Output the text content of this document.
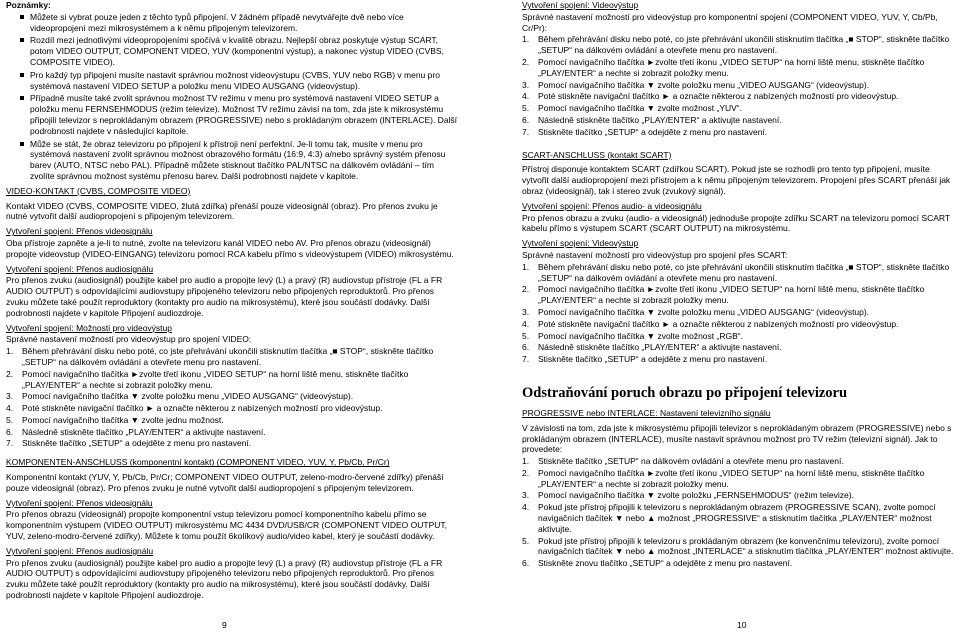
Poznámky:

Můžete si vybrat pouze jeden z těchto typů připojení. V žádném případě nevytvářejte dvě nebo více videopropojení mezi mikrosystémem a k němu připojeným televizorem.
Rozdíl mezi jednotlivými videopropojeními spočívá v kvalitě obrazu. Nejlepší obraz poskytuje výstup SCART, potom VIDEO OUTPUT, COMPONENT VIDEO, YUV (komponentní výstup), a nakonec výstup VIDEO (CVBS, COMPOSITE VIDEO).
Pro každý typ připojení musíte nastavit správnou možnost videovýstupu (CVBS, YUV nebo RGB) v menu pro systémová nastavení VIDEO SETUP a položku menu VIDEO AUSGANG (videovýstup).
Případně musíte také zvolit správnou možnost TV režimu v menu pro systémová nastavení VIDEO SETUP a položku menu FERNSEHMODUS (režim televize). Možnost TV režimu závisí na tom, zda jste k mikrosystému připojili televizor s neprokládaným obrazem (PROGRESSIVE) nebo s prokládaným obrazem (INTERLACE). Další podrobnosti najdete v následující kapitole.
Může se stát, že obraz televizoru po připojení k přístroji není perfektní. Je-li tomu tak, musíte v menu pro systémová nastavení zvolit správnou možnost obrazového formátu (16:9, 4:3) a/nebo správný systém přenosu barev (AUTO, NTSC nebo PAL). Případně můžete stisknout tlačítko PAL/NTSC na dálkovém ovládání – tím zvolíte správnou možnost systému přenosu barev. Další podrobnosti najdete v kapitole.

VIDEO-KONTAKT (CVBS, COMPOSITE VIDEO)

Kontakt VIDEO (CVBS, COMPOSITE VIDEO, žlutá zdířka) přenáší pouze videosignál (obraz). Pro přenos zvuku je nutné vytvořit další audiopropojení s připojeným televizorem.

Vytvoření spojení: Přenos videosignálu

Oba přístroje zapněte a je-li to nutné, zvolte na televizoru kanál VIDEO nebo AV. Pro přenos obrazu (videosignál) propojte videovstup (VIDEO-EINGANG) televizoru pomocí RCA kabelu přímo s videovýstupem (VIDEO) mikrosystému.

Vytvoření spojení: Přenos audiosignálu

Pro přenos zvuku (audiosignál) použijte kabel pro audio a propojte levý (L) a pravý (R) audiovstup přístroje (FL a FR AUDIO OUTPUT) s odpovídajícími audiovstupy připojeného televizoru nebo připojených reproduktorů. Pro přenos zvuku můžete také použít reproduktory (kontakty pro audio na mikrosystému), které jsou součástí dodávky. Další podrobnosti najdete v kapitole Připojení audiozdroje.

Vytvoření spojení: Možnosti pro videovýstup

Správné nastavení možností pro videovýstup pro spojení VIDEO:

1. Během přehrávání disku nebo poté, co jste přehrávání ukončili stisknutím tlačítka „■ STOP“, stiskněte tlačítko „SETUP“ na dálkovém ovládání a otevřete menu pro nastavení.
2. Pomocí navigačního tlačítka ►zvolte třetí ikonu „VIDEO SETUP“ na horní liště menu, stiskněte tlačítko „PLAY/ENTER“ a nechte si zobrazit položky menu.
3. Pomocí navigačního tlačítka ▼ zvolte položku menu „VIDEO AUSGANG“ (videovýstup).
4. Poté stiskněte navigační tlačítko ► a označte některou z nabízených možností pro videovýstup.
5. Pomocí navigačního tlačítka ▼ zvolte jednu možnost.
6. Následně stiskněte tlačítko „PLAY/ENTER“ a aktivujte nastavení.
7. Stiskněte tlačítko „SETUP“ a odejděte z menu pro nastavení.

KOMPONENTEN-ANSCHLUSS (komponentní kontakt) (COMPONENT VIDEO, YUV, Y, Pb/Cb, Pr/Cr)

Komponentní kontakt (YUV, Y, Pb/Cb, Pr/Cr; COMPONENT VIDEO OUTPUT, zeleno-modro-červené zdířky) přenáší pouze videosignál (obraz). Pro přenos zvuku je nutné vytvořit další audiopropojení s připojeným televizorem.

Vytvoření spojení: Přenos videosignálu

Pro přenos obrazu (videosignál) propojte komponentní vstup televizoru pomocí komponentního kabelu přímo se komponentním výstupem (VIDEO OUTPUT) mikrosystému MC 4434 DVD/USB/CR (COMPONENT VIDEO OUTPUT, YUV, zeleno-modro-červené zdířky). Můžete k tomu použít 6kolíkový audio/video kabel, který je součástí dodávky.

Vytvoření spojení: Přenos audiosignálu

Pro přenos zvuku (audiosignál) použijte kabel pro audio a propojte levý (L) a pravý (R) audiovstup přístroje (FL a FR AUDIO OUTPUT) s odpovídajícími audiovstupy připojeného televizoru nebo připojených reproduktorů. Pro přenos zvuku můžete také použít reproduktory (kontakty pro audio na mikrosystému), které jsou součástí dodávky. Další podrobnosti najdete v kapitole Připojení audiozdroje.

9

Vytvoření spojení: Videovýstup

Správné nastavení možností pro videovýstup pro komponentní spojení (COMPONENT VIDEO, YUV, Y, Cb/Pb, Cr/Pr):

1. Během přehrávání disku nebo poté, co jste přehrávání ukončili stisknutím tlačítka „■ STOP“, stiskněte tlačítko „SETUP“ na dálkovém ovládání a otevřete menu pro nastavení.
2. Pomocí navigačního tlačítka ►zvolte třetí ikonu „VIDEO SETUP“ na horní liště menu, stiskněte tlačítko „PLAY/ENTER“ a nechte si zobrazit položky menu.
3. Pomocí navigačního tlačítka ▼ zvolte položku menu „VIDEO AUSGANG“ (videovýstup).
4. Poté stiskněte navigační tlačítko ► a označte některou z nabízených možností pro videovýstup.
5. Pomocí navigačního tlačítka ▼ zvolte možnost „YUV“.
6. Následně stiskněte tlačítko „PLAY/ENTER“ a aktivujte nastavení.
7. Stiskněte tlačítko „SETUP“ a odejděte z menu pro nastavení.

SCART-ANSCHLUSS (kontakt SCART)

Přístroj disponuje kontaktem SCART (zdířkou SCART). Pokud jste se rozhodli pro tento typ připojení, musíte vytvořit další audiopropojení mezi přístrojem a k němu připojeným televizorem. Propojení přes SCART přenáší jak obraz (videosignál), tak i stereo zvuk (zvukový signál).

Vytvoření spojení: Přenos audio- a videosignálu

Pro přenos obrazu a zvuku (audio- a videosignál) jednoduše propojte zdířku SCART na televizoru pomocí SCART kabelu přímo s výstupem SCART (SCART OUTPUT) na mikrosystému.

Vytvoření spojení: Videovýstup

Správné nastavení možností pro videovýstup pro spojení přes SCART:

1. Během přehrávání disku nebo poté, co jste přehrávání ukončili stisknutím tlačítka „■ STOP“, stiskněte tlačítko „SETUP“ na dálkovém ovládání a otevřete menu pro nastavení.
2. Pomocí navigačního tlačítka ►zvolte třetí ikonu „VIDEO SETUP“ na horní liště menu, stiskněte tlačítko „PLAY/ENTER“ a nechte si zobrazit položky menu.
3. Pomocí navigačního tlačítka ▼ zvolte položku menu „VIDEO AUSGANG“ (videovýstup).
4. Poté stiskněte navigační tlačítko ► a označte některou z nabízených možností pro videovýstup.
5. Pomocí navigačního tlačítka ▼ zvolte možnost „RGB“.
6. Následně stiskněte tlačítko „PLAY/ENTER“ a aktivujte nastavení.
7. Stiskněte tlačítko „SETUP“ a odejděte z menu pro nastavení.
Odstraňování poruch obrazu po připojení televizoru

PROGRESSIVE nebo INTERLACE: Nastavení televizního signálu

V závislosti na tom, zda jste k mikrosystému připojili televizor s neprokládaným obrazem (PROGRESSIVE) nebo s prokládaným obrazem (INTERLACE), musíte nastavit správnou možnost pro TV režim (televizní signál). Jak to provedete:

1. Stiskněte tlačítko „SETUP“ na dálkovém ovládání a otevřete menu pro nastavení.
2. Pomocí navigačního tlačítka ►zvolte třetí ikonu „VIDEO SETUP“ na horní liště menu, stiskněte tlačítko „PLAY/ENTER“ a nechte si zobrazit položky menu.
3. Pomocí navigačního tlačítka ▼ zvolte položku „FERNSEHMODUS“ (režim televize).
4. Pokud jste přístroj připojili k televizoru s neprokládaným obrazem (PROGRESSIVE SCAN), zvolte pomocí navigačních tlačítek ▼ nebo ▲ možnost „PROGRESSIVE“ a stisknutím tlačítka „PLAY/ENTER“ možnost aktivujte.
5. Pokud jste přístroj připojili k televizoru s prokládaným obrazem (ke konvenčnímu televizoru), zvolte pomocí navigačních tlačítek ▼ nebo ▲ možnost „INTERLACE“ a stisknutím tlačítka „PLAY/ENTER“ možnost aktivujte.
6. Stiskněte znovu tlačítko „SETUP“ a odejděte z menu pro nastavení.
10
